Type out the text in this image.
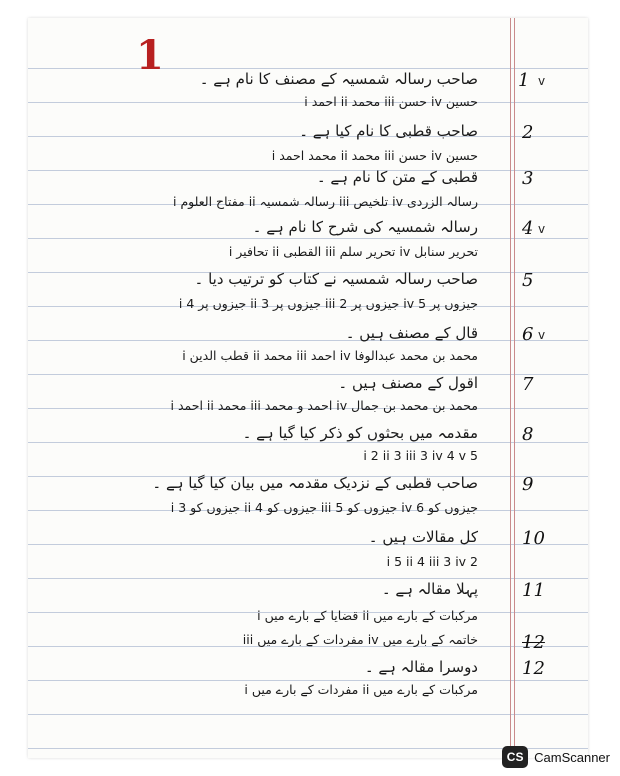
1
1 v
صاحب رسالہ شمسیہ کے مصنف کا نام ہے ۔
i احمد ii محمد iii حسن iv حسین
2
صاحب قطبی کا نام کیا ہے ۔
i محمد احمد ii محمد iii حسن iv حسین
3
قطبی کے متن کا نام ہے ۔
i مفتاح العلوم ii رسالہ شمسیہ iii تلخیص iv رسالہ الزردی
4 v
رسالہ شمسیہ کی شرح کا نام ہے ۔
i تحافیر ii القطبی iii تحریر سلم iv تحریر سنابل
5
صاحب رسالہ شمسیہ نے کتاب کو ترتیب دیا ۔
i 4 جیزوں پر ii 3 جیزوں پر iii 2 جیزوں پر iv 5 جیزوں پر
6 v
قال کے مصنف ہیں ۔
i قطب الدین ii محمد iii احمد iv محمد بن محمد عبدالوفا
7
اقول کے مصنف ہیں ۔
i احمد ii محمد iii احمد و محمد iv محمد بن محمد بن جمال
8
مقدمہ میں بحثوں کو ذکر کیا گیا ہے ۔
i 2 ii 3 iii 3 iv 4 v 5
9
صاحب قطبی کے نزدیک مقدمہ میں بیان کیا گیا ہے ۔
i 3 جیزوں کو ii 4 جیزوں کو iii 5 جیزوں کو iv 6 جیزوں کو
10
کل مقالات ہیں ۔
i 5 ii 4 iii 3 iv 2
11
پہلا مقالہ ہے ۔
i قضایا کے بارے میں ii مرکبات کے بارے میں
12
iii مفردات کے بارے میں iv خاتمہ کے بارے میں
12
دوسرا مقالہ ہے ۔
i مفردات کے بارے میں ii مرکبات کے بارے میں
CS CamScanner
